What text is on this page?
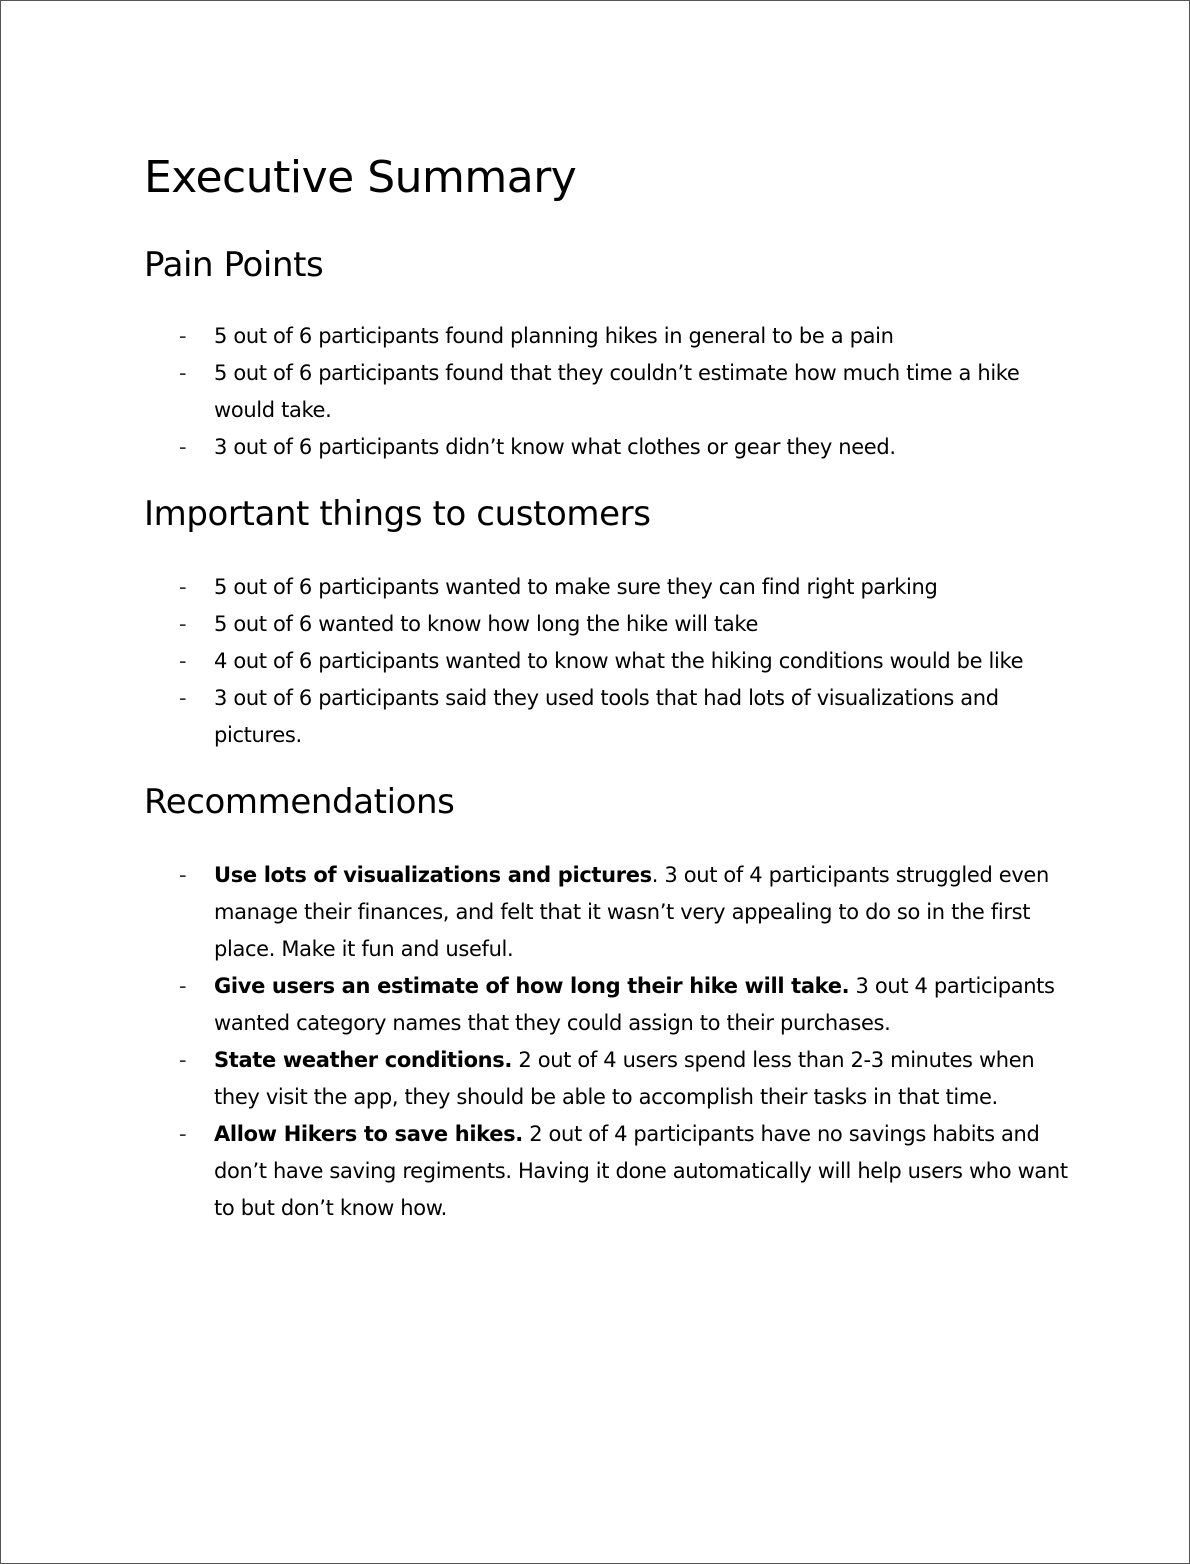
Executive Summary
Pain Points
- 5 out of 6 participants found planning hikes in general to be a pain
- 5 out of 6 participants found that they couldn’t estimate how much time a hike would take.
- 3 out of 6 participants didn’t know what clothes or gear they need.
Important things to customers
- 5 out of 6 participants wanted to make sure they can find right parking
- 5 out of 6 wanted to know how long the hike will take
- 4 out of 6 participants wanted to know what the hiking conditions would be like
- 3 out of 6 participants said they used tools that had lots of visualizations and pictures.
Recommendations
- Use lots of visualizations and pictures. 3 out of 4 participants struggled even manage their finances, and felt that it wasn’t very appealing to do so in the first place. Make it fun and useful.
- Give users an estimate of how long their hike will take. 3 out 4 participants wanted category names that they could assign to their purchases.
- State weather conditions. 2 out of 4 users spend less than 2-3 minutes when they visit the app, they should be able to accomplish their tasks in that time.
- Allow Hikers to save hikes. 2 out of 4 participants have no savings habits and don’t have saving regiments. Having it done automatically will help users who want to but don’t know how.
